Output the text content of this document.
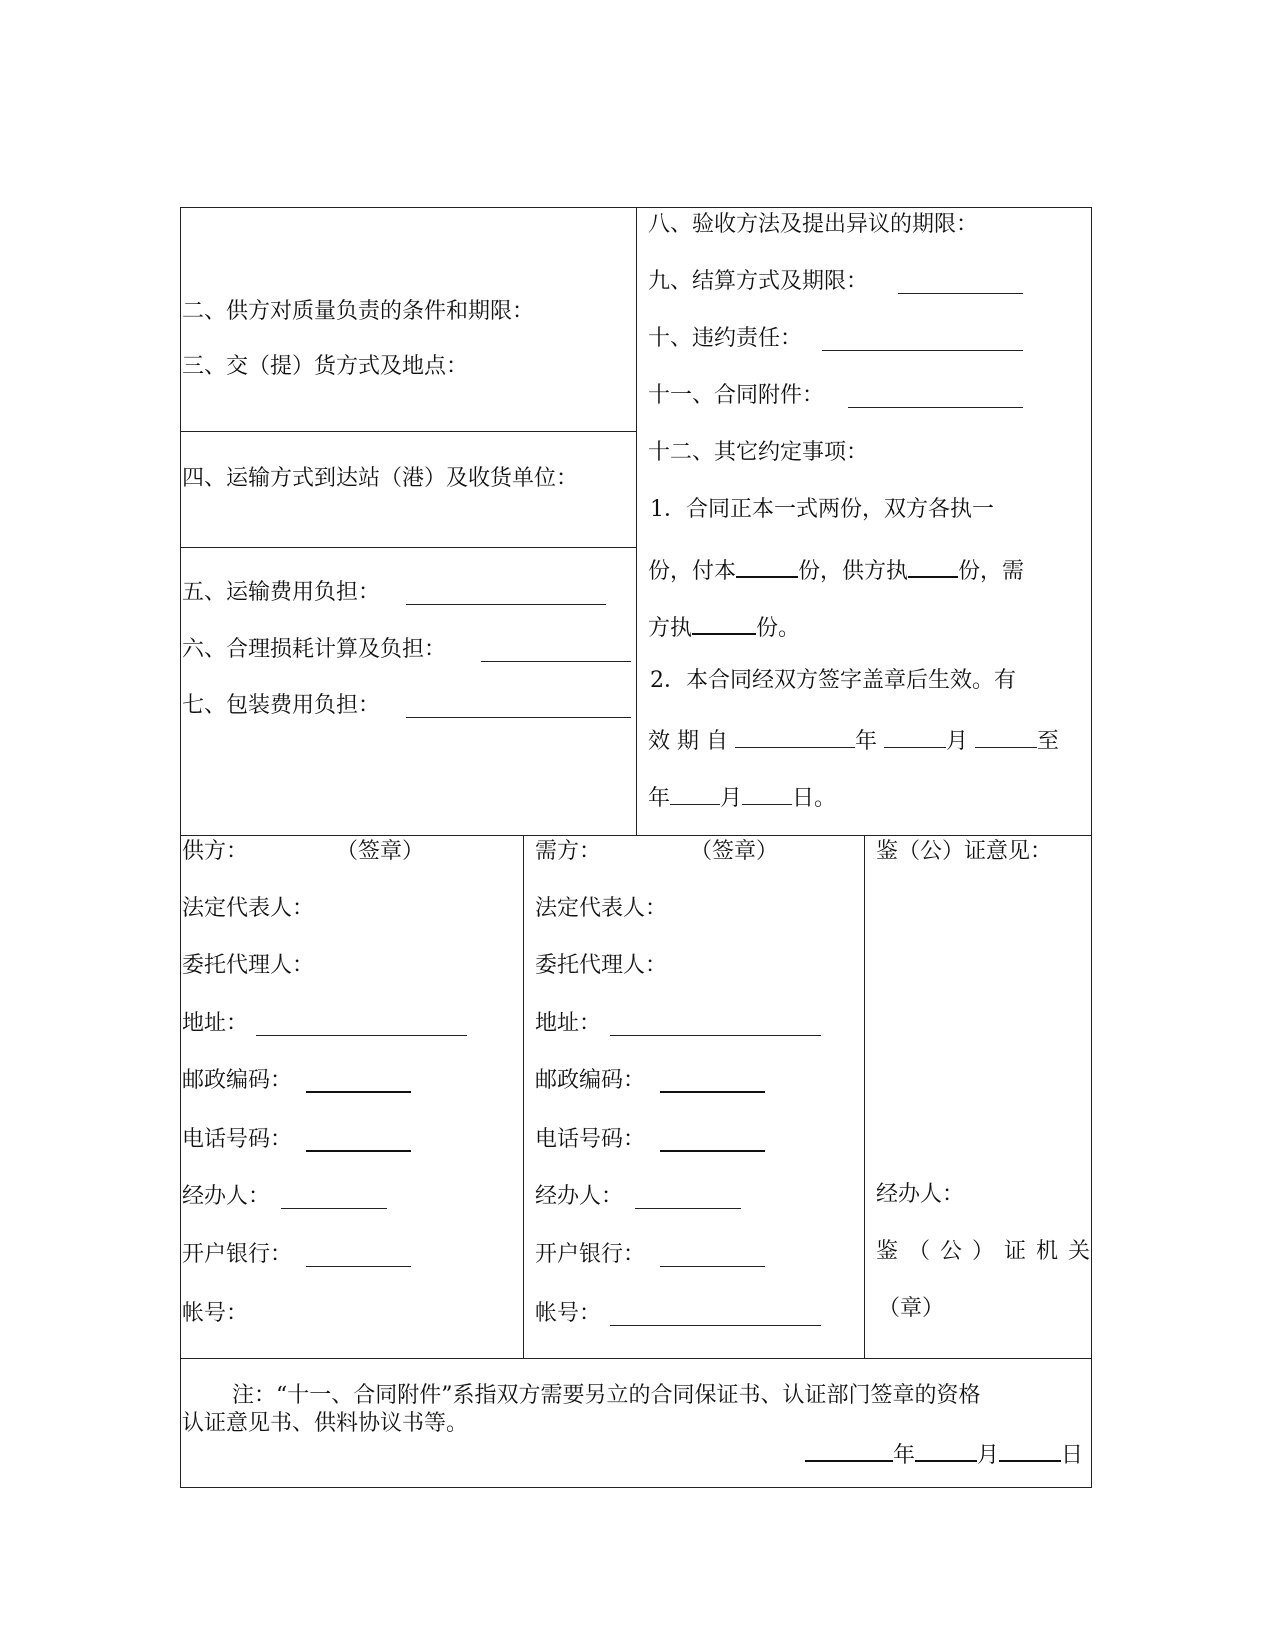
二、供方对质量负责的条件和期限：
三、交（提）货方式及地点：
四、运输方式到达站（港）及收货单位：
五、运输费用负担：
六、合理损耗计算及负担：
七、包装费用负担：
八、验收方法及提出异议的期限：
九、结算方式及期限：
十、违约责任：
十一、合同附件：
十二、其它约定事项：
1．合同正本一式两份，双方各执一
份，付本	份，供方执 份，需
方执	份。
2．本合同经双方签字盖章后生效。有
效 期 自	年	月	至
年 月 日。
供方：	（签章）
法定代表人：
委托代理人：
地址：
邮政编码：
电话号码：
经办人：
开户银行：
帐号：
需方：	（签章）
法定代表人：
委托代理人：
地址：
邮政编码：
电话号码：
经办人：
开户银行：
帐号：
鉴（公）证意见：
经办人：
鉴（公）证机关
（章）
注：“十一、合同附件”系指双方需要另立的合同保证书、认证部门签章的资格
认证意见书、供料协议书等。
年	月	日
